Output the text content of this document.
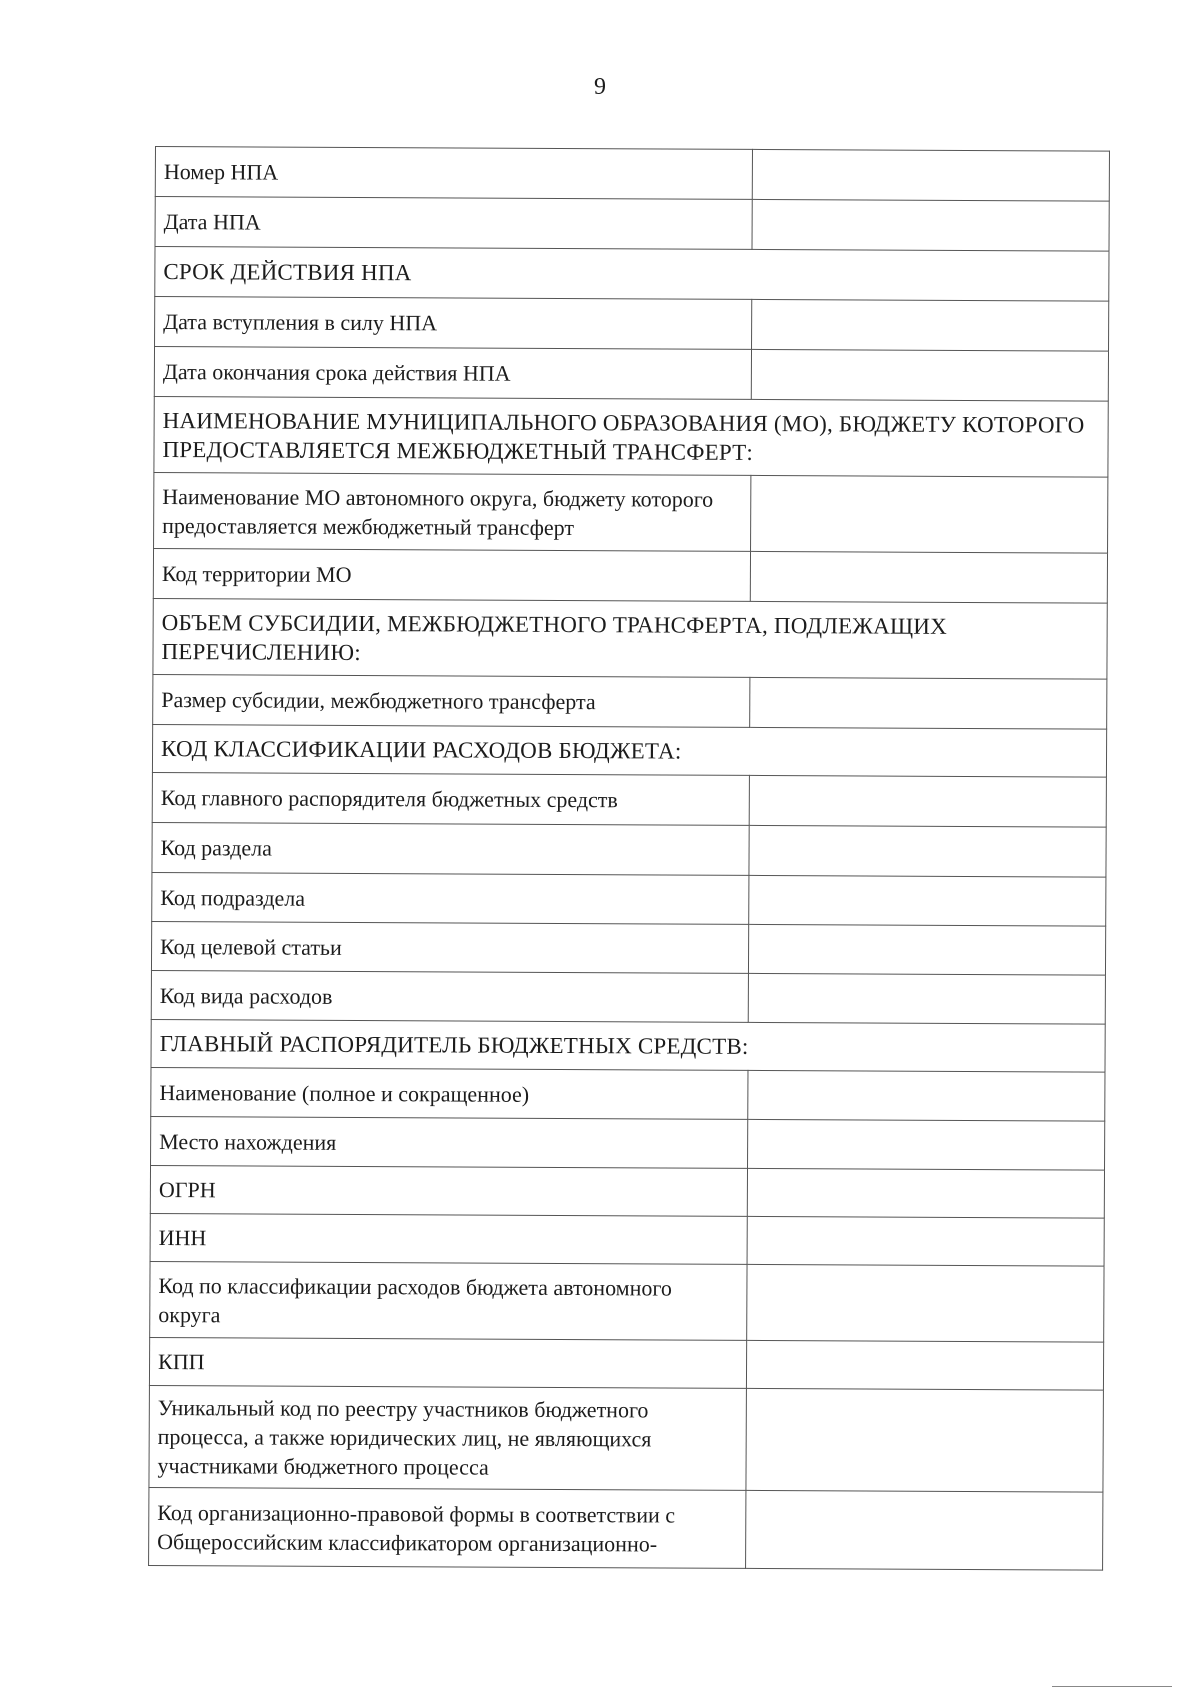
9
Номер НПА	
Дата НПА	
СРОК ДЕЙСТВИЯ НПА	
Дата вступления в силу НПА	
Дата окончания срока действия НПА	
НАИМЕНОВАНИЕ МУНИЦИПАЛЬНОГО ОБРАЗОВАНИЯ (МО), БЮДЖЕТУ КОТОРОГО ПРЕДОСТАВЛЯЕТСЯ МЕЖБЮДЖЕТНЫЙ ТРАНСФЕРТ:	
Наименование МО автономного округа, бюджету которого предоставляется межбюджетный трансферт	
Код территории МО	
ОБЪЕМ СУБСИДИИ, МЕЖБЮДЖЕТНОГО ТРАНСФЕРТА, ПОДЛЕЖАЩИХ ПЕРЕЧИСЛЕНИЮ:	
Размер субсидии, межбюджетного трансферта	
КОД КЛАССИФИКАЦИИ РАСХОДОВ БЮДЖЕТА:	
Код главного распорядителя бюджетных средств	
Код раздела	
Код подраздела	
Код целевой статьи	
Код вида расходов	
ГЛАВНЫЙ РАСПОРЯДИТЕЛЬ БЮДЖЕТНЫХ СРЕДСТВ:	
Наименование (полное и сокращенное)	
Место нахождения	
ОГРН	
ИНН	
Код по классификации расходов бюджета автономного округа	
КПП	
Уникальный код по реестру участников бюджетного процесса, а также юридических лиц, не являющихся участниками бюджетного процесса	
Код организационно-правовой формы в соответствии с Общероссийским классификатором организационно-	
